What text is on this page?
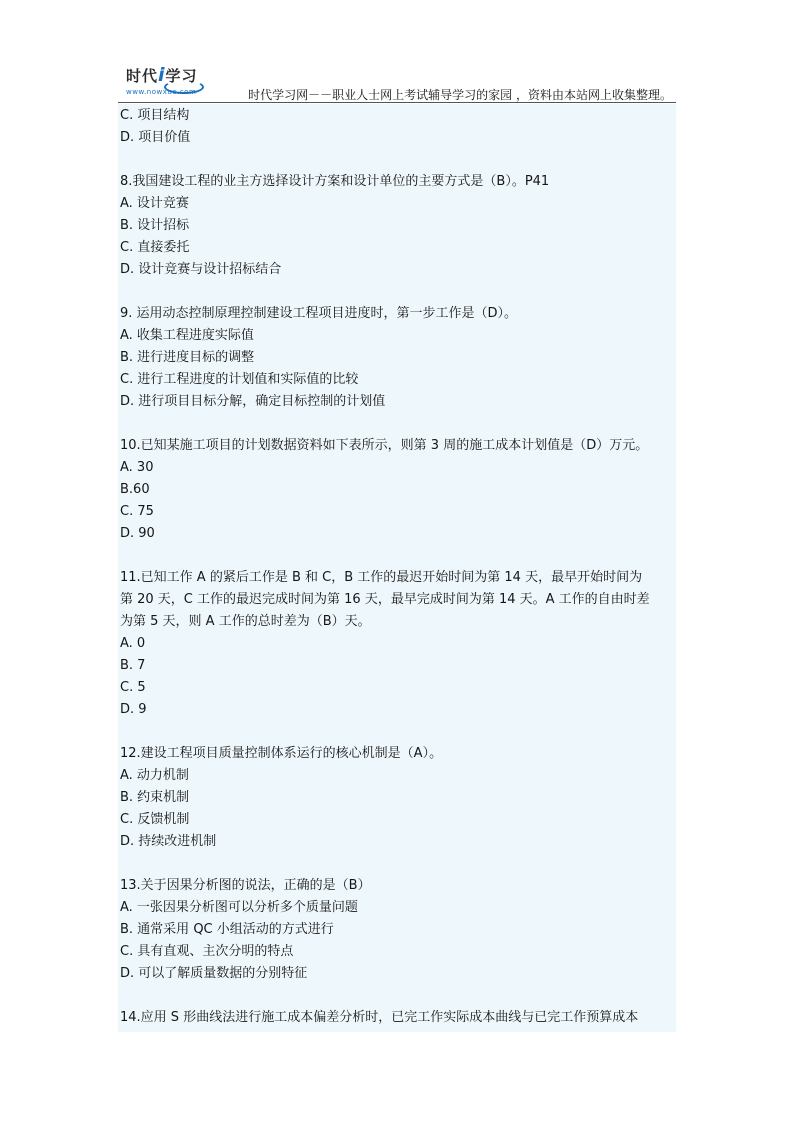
时代i学习
www.nowxue.com	时代学习网－－职业人士网上考试辅导学习的家园 ，资料由本站网上收集整理。
C. 项目结构
D. 项目价值
8.我国建设工程的业主方选择设计方案和设计单位的主要方式是（B）。P41
A. 设计竞赛
B. 设计招标
C. 直接委托
D. 设计竞赛与设计招标结合
9. 运用动态控制原理控制建设工程项目进度时，第一步工作是（D）。
A. 收集工程进度实际值
B. 进行进度目标的调整
C. 进行工程进度的计划值和实际值的比较
D. 进行项目目标分解，确定目标控制的计划值
10.已知某施工项目的计划数据资料如下表所示，则第 3 周的施工成本计划值是（D）万元。
A. 30
B.60
C. 75
D. 90
11.已知工作 A 的紧后工作是 B 和 C，B 工作的最迟开始时间为第 14 天，最早开始时间为
第 20 天，C 工作的最迟完成时间为第 16 天，最早完成时间为第 14 天。A 工作的自由时差
为第 5 天，则 A 工作的总时差为（B）天。
A. 0
B. 7
C. 5
D. 9
12.建设工程项目质量控制体系运行的核心机制是（A）。
A. 动力机制
B. 约束机制
C. 反馈机制
D. 持续改进机制
13.关于因果分析图的说法，正确的是（B）
A. 一张因果分析图可以分析多个质量问题
B. 通常采用 QC 小组活动的方式进行
C. 具有直观、主次分明的特点
D. 可以了解质量数据的分别特征
14.应用 S 形曲线法进行施工成本偏差分析时，已完工作实际成本曲线与已完工作预算成本
